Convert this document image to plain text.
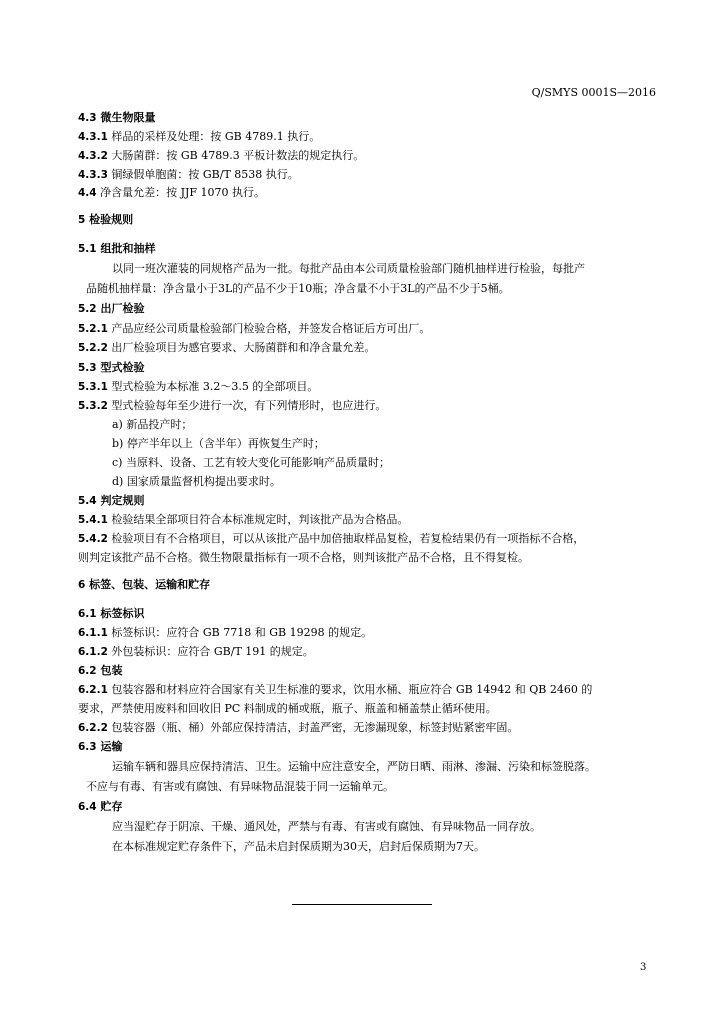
Q/SMYS 0001S—2016
4.3 微生物限量
4.3.1 样品的采样及处理：按 GB 4789.1 执行。
4.3.2 大肠菌群：按 GB 4789.3 平板计数法的规定执行。
4.3.3 铜绿假单胞菌：按 GB/T 8538 执行。
4.4 净含量允差：按 JJF 1070 执行。
5 检验规则
5.1 组批和抽样
以同一班次灌装的同规格产品为一批。每批产品由本公司质量检验部门随机抽样进行检验，每批产
品随机抽样量：净含量小于3L的产品不少于10瓶；净含量不小于3L的产品不少于5桶。
5.2 出厂检验
5.2.1 产品应经公司质量检验部门检验合格，并签发合格证后方可出厂。
5.2.2 出厂检验项目为感官要求、大肠菌群和和净含量允差。
5.3 型式检验
5.3.1 型式检验为本标准 3.2～3.5 的全部项目。
5.3.2 型式检验每年至少进行一次，有下列情形时，也应进行。
a) 新品投产时；
b) 停产半年以上（含半年）再恢复生产时；
c) 当原料、设备、工艺有较大变化可能影响产品质量时；
d) 国家质量监督机构提出要求时。
5.4 判定规则
5.4.1 检验结果全部项目符合本标准规定时，判该批产品为合格品。
5.4.2 检验项目有不合格项目，可以从该批产品中加倍抽取样品复检，若复检结果仍有一项指标不合格，
则判定该批产品不合格。微生物限量指标有一项不合格，则判该批产品不合格，且不得复检。
6 标签、包装、运输和贮存
6.1 标签标识
6.1.1 标签标识：应符合 GB 7718 和 GB 19298 的规定。
6.1.2 外包装标识：应符合 GB/T 191 的规定。
6.2 包装
6.2.1 包装容器和材料应符合国家有关卫生标准的要求，饮用水桶、瓶应符合 GB 14942 和 QB 2460 的
要求，严禁使用废料和回收旧 PC 料制成的桶或瓶，瓶子、瓶盖和桶盖禁止循环使用。
6.2.2 包装容器（瓶、桶）外部应保持清洁，封盖严密，无渗漏现象，标签封贴紧密牢固。
6.3 运输
运输车辆和器具应保持清洁、卫生。运输中应注意安全，严防日晒、雨淋、渗漏、污染和标签脱落。
不应与有毒、有害或有腐蚀、有异味物品混装于同一运输单元。
6.4 贮存
应当湿贮存于阴凉、干燥、通风处，严禁与有毒、有害或有腐蚀、有异味物品一同存放。
在本标准规定贮存条件下，产品未启封保质期为30天，启封后保质期为7天。
3
